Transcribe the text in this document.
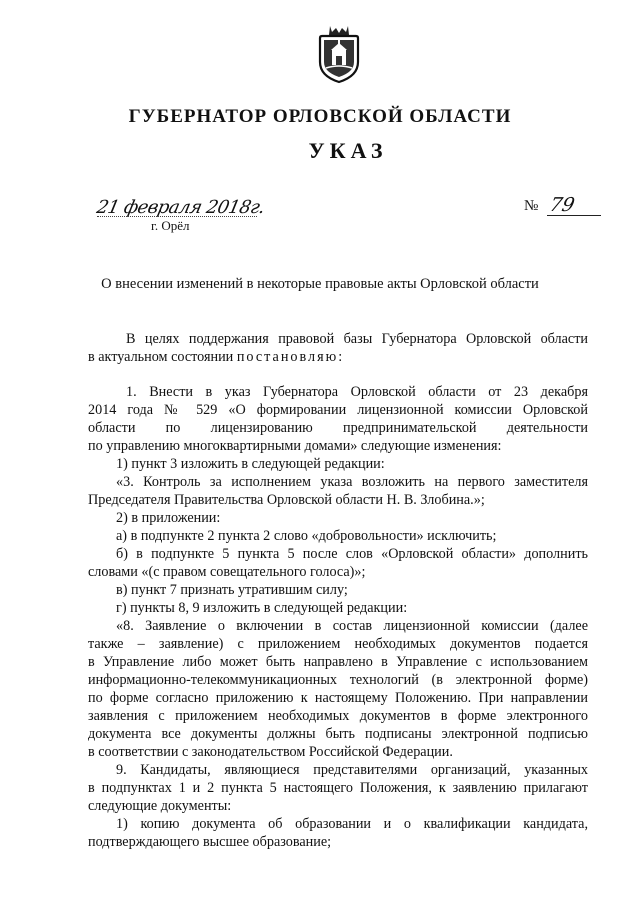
ГУБЕРНАТОР ОРЛОВСКОЙ ОБЛАСТИ
УКАЗ
21 февраля 2018г.
г. Орёл
№ 79
О внесении изменений в некоторые правовые акты Орловской области
В целях поддержания правовой базы Губернатора Орловской области
в актуальном состоянии постановляю:
1. Внести в указ Губернатора Орловской области от 23 декабря
2014 года № 529 «О формировании лицензионной комиссии Орловской
области по лицензированию предпринимательской деятельности
по управлению многоквартирными домами» следующие изменения:
1) пункт 3 изложить в следующей редакции:
«3. Контроль за исполнением указа возложить на первого заместителя
Председателя Правительства Орловской области Н. В. Злобина.»;
2) в приложении:
а) в подпункте 2 пункта 2 слово «добровольности» исключить;
б) в подпункте 5 пункта 5 после слов «Орловской области» дополнить
словами «(с правом совещательного голоса)»;
в) пункт 7 признать утратившим силу;
г) пункты 8, 9 изложить в следующей редакции:
«8. Заявление о включении в состав лицензионной комиссии (далее
также – заявление) с приложением необходимых документов подается
в Управление либо может быть направлено в Управление с использованием
информационно-телекоммуникационных технологий (в электронной форме)
по форме согласно приложению к настоящему Положению. При направлении
заявления с приложением необходимых документов в форме электронного
документа все документы должны быть подписаны электронной подписью
в соответствии с законодательством Российской Федерации.
9. Кандидаты, являющиеся представителями организаций, указанных
в подпунктах 1 и 2 пункта 5 настоящего Положения, к заявлению прилагают
следующие документы:
1) копию документа об образовании и о квалификации кандидата,
подтверждающего высшее образование;
